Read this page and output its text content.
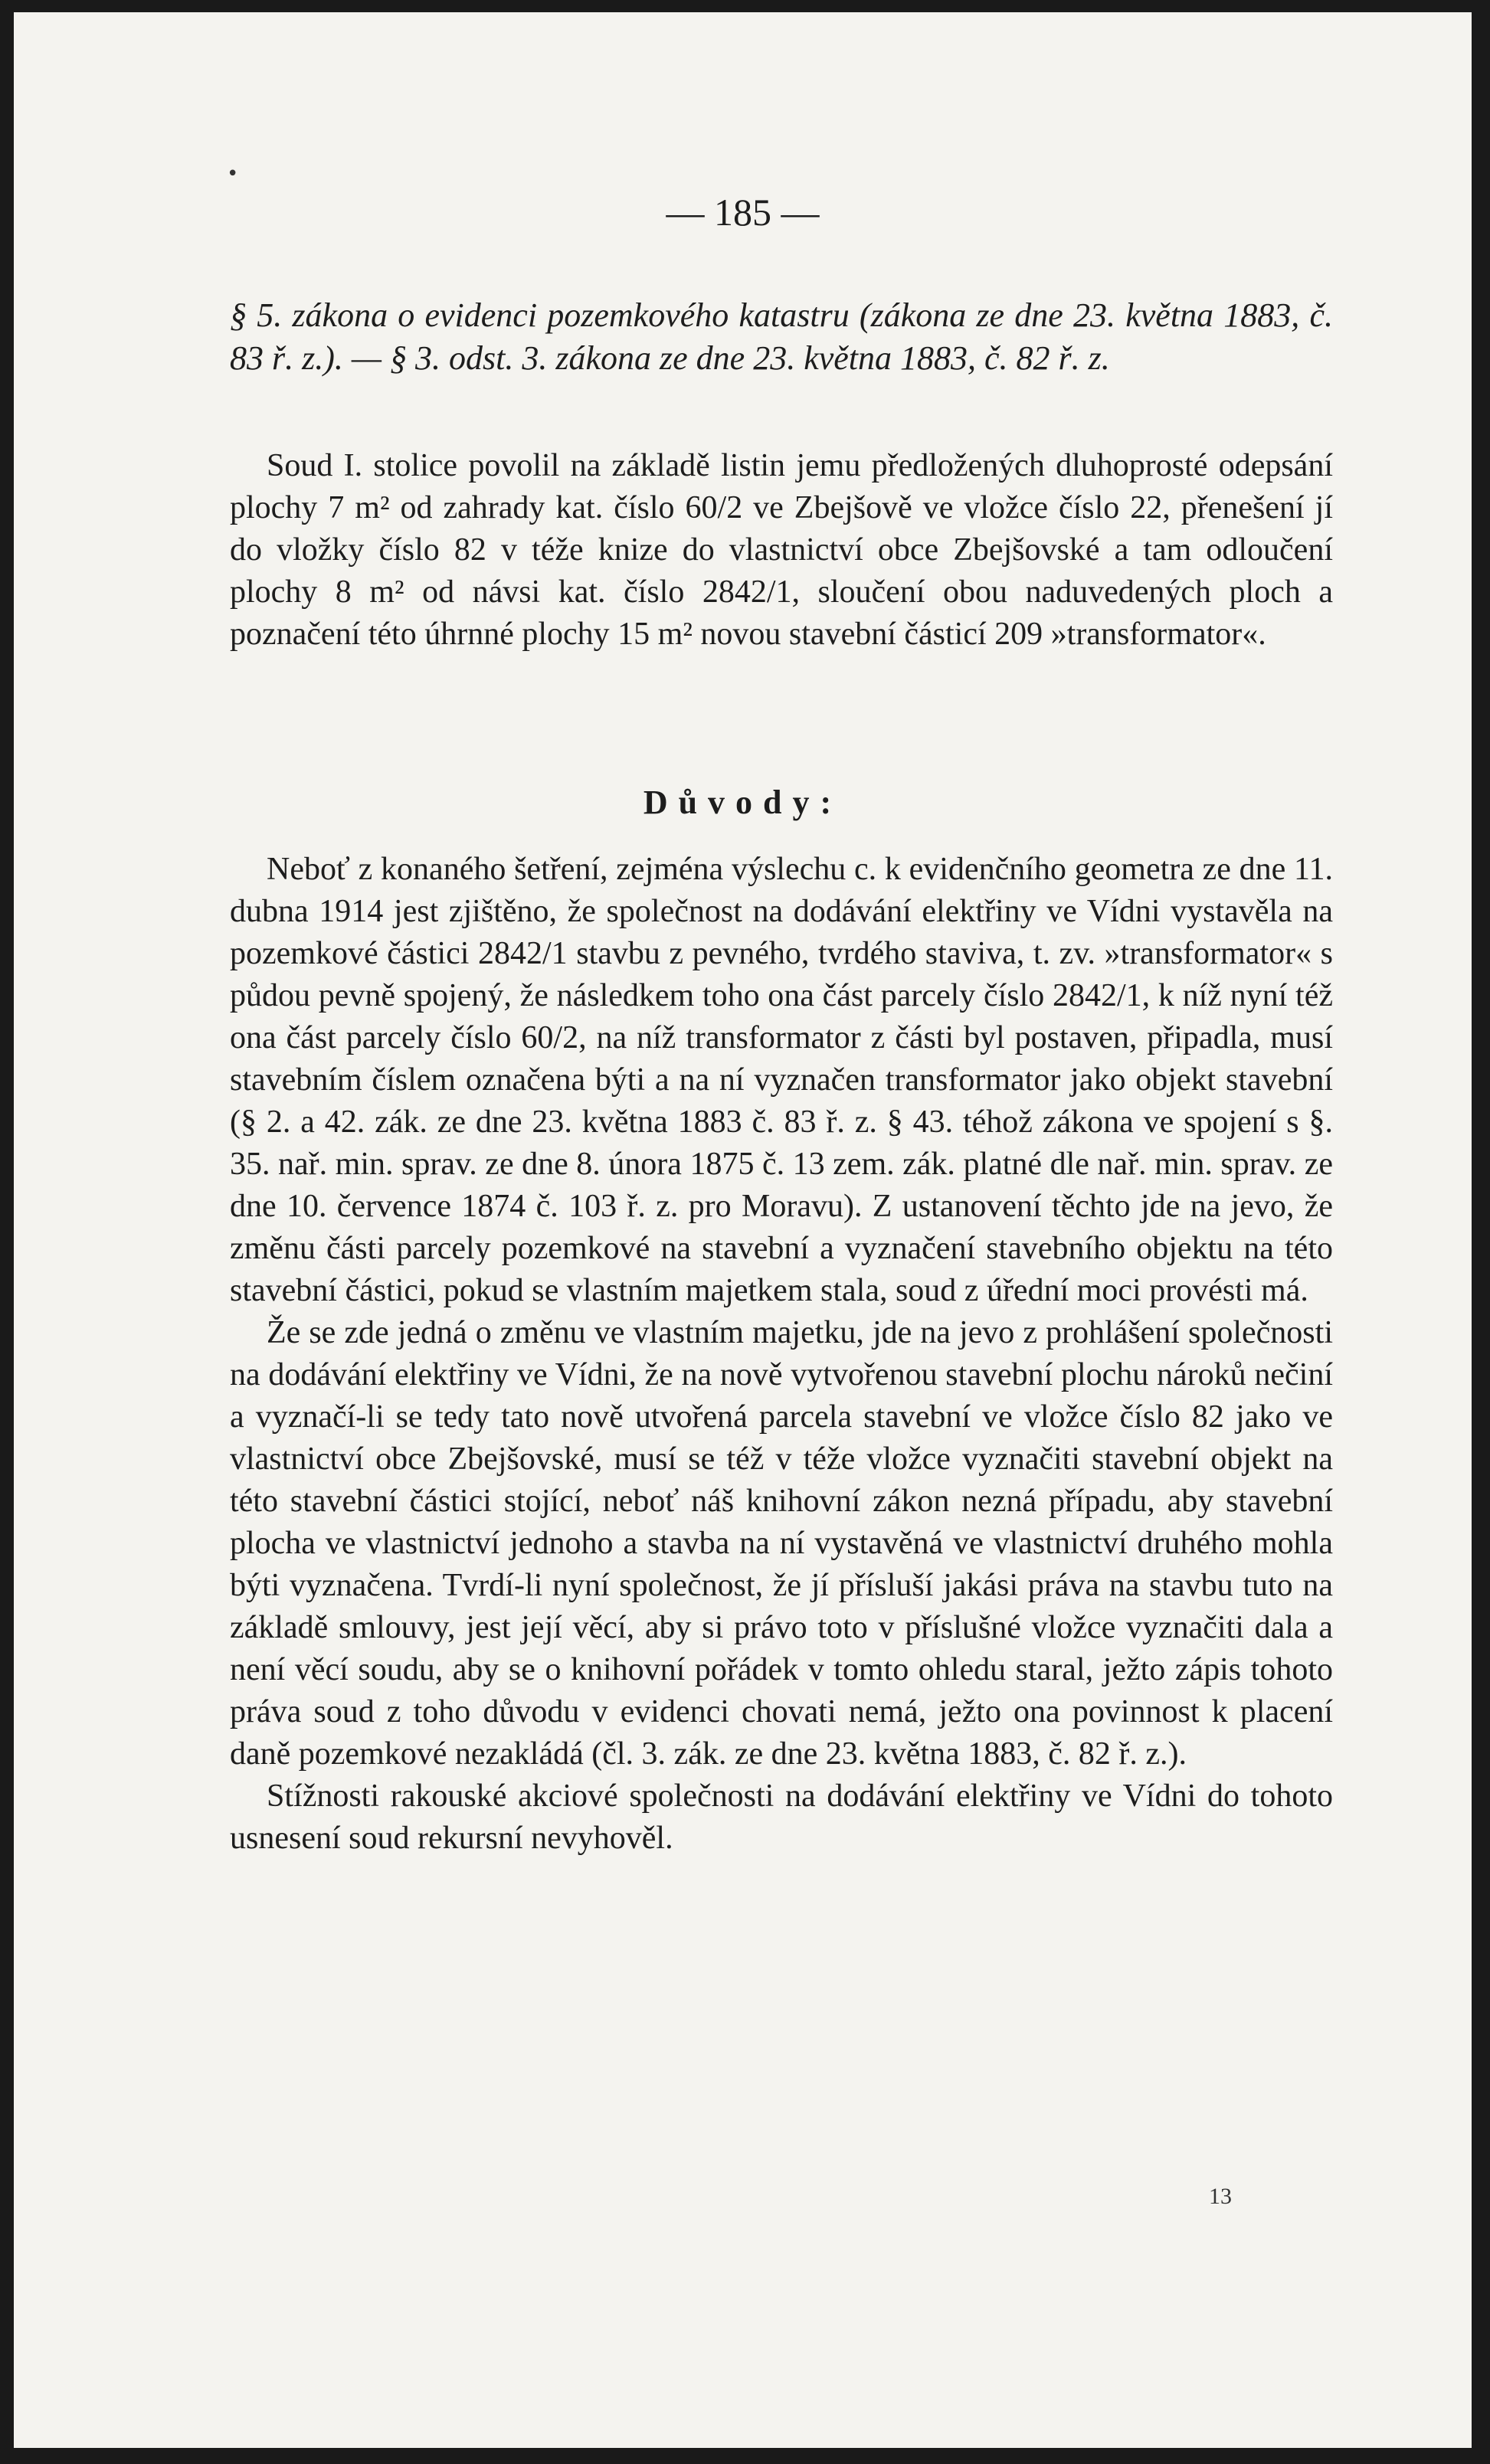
•
— 185 —
§ 5. zákona o evidenci pozemkového katastru (zákona ze dne 23. května 1883, č. 83 ř. z.). — § 3. odst. 3. zákona ze dne 23. května 1883, č. 82 ř. z.

Soud I. stolice povolil na základě listin jemu předložených dluhoprosté odepsání plochy 7 m² od zahrady kat. číslo 60/2 ve Zbejšově ve vložce číslo 22, přenešení jí do vložky číslo 82 v téže knize do vlastnictví obce Zbejšovské a tam odloučení plochy 8 m² od návsi kat. číslo 2842/1, sloučení obou naduvedených ploch a poznačení této úhrnné plochy 15 m² novou stavební částicí 209 »transformator«.

Důvody:

Neboť z konaného šetření, zejména výslechu c. k evidenčního geometra ze dne 11. dubna 1914 jest zjištěno, že společnost na dodávání elektřiny ve Vídni vystavěla na pozemkové částici 2842/1 stavbu z pevného, tvrdého staviva, t. zv. »transformator« s půdou pevně spojený, že následkem toho ona část parcely číslo 2842/1, k níž nyní též ona část parcely číslo 60/2, na níž transformator z části byl postaven, připadla, musí stavebním číslem označena býti a na ní vyznačen transformator jako objekt stavební (§ 2. a 42. zák. ze dne 23. května 1883 č. 83 ř. z. § 43. téhož zákona ve spojení s §. 35. nař. min. sprav. ze dne 8. února 1875 č. 13 zem. zák. platné dle nař. min. sprav. ze dne 10. července 1874 č. 103 ř. z. pro Moravu). Z ustanovení těchto jde na jevo, že změnu části parcely pozemkové na stavební a vyznačení stavebního objektu na této stavební částici, pokud se vlastním majetkem stala, soud z úřední moci provésti má.

Že se zde jedná o změnu ve vlastním majetku, jde na jevo z prohlášení společnosti na dodávání elektřiny ve Vídni, že na nově vytvořenou stavební plochu nároků nečiní a vyznačí-li se tedy tato nově utvořená parcela stavební ve vložce číslo 82 jako ve vlastnictví obce Zbejšovské, musí se též v téže vložce vyznačiti stavební objekt na této stavební částici stojící, neboť náš knihovní zákon nezná případu, aby stavební plocha ve vlastnictví jednoho a stavba na ní vystavěná ve vlastnictví druhého mohla býti vyznačena. Tvrdí-li nyní společnost, že jí přísluší jakási práva na stavbu tuto na základě smlouvy, jest její věcí, aby si právo toto v příslušné vložce vyznačiti dala a není věcí soudu, aby se o knihovní pořádek v tomto ohledu staral, ježto zápis tohoto práva soud z toho důvodu v evidenci chovati nemá, ježto ona povinnost k placení daně pozemkové nezakládá (čl. 3. zák. ze dne 23. května 1883, č. 82 ř. z.).

Stížnosti rakouské akciové společnosti na dodávání elektřiny ve Vídni do tohoto usnesení soud rekursní nevyhověl.

13
